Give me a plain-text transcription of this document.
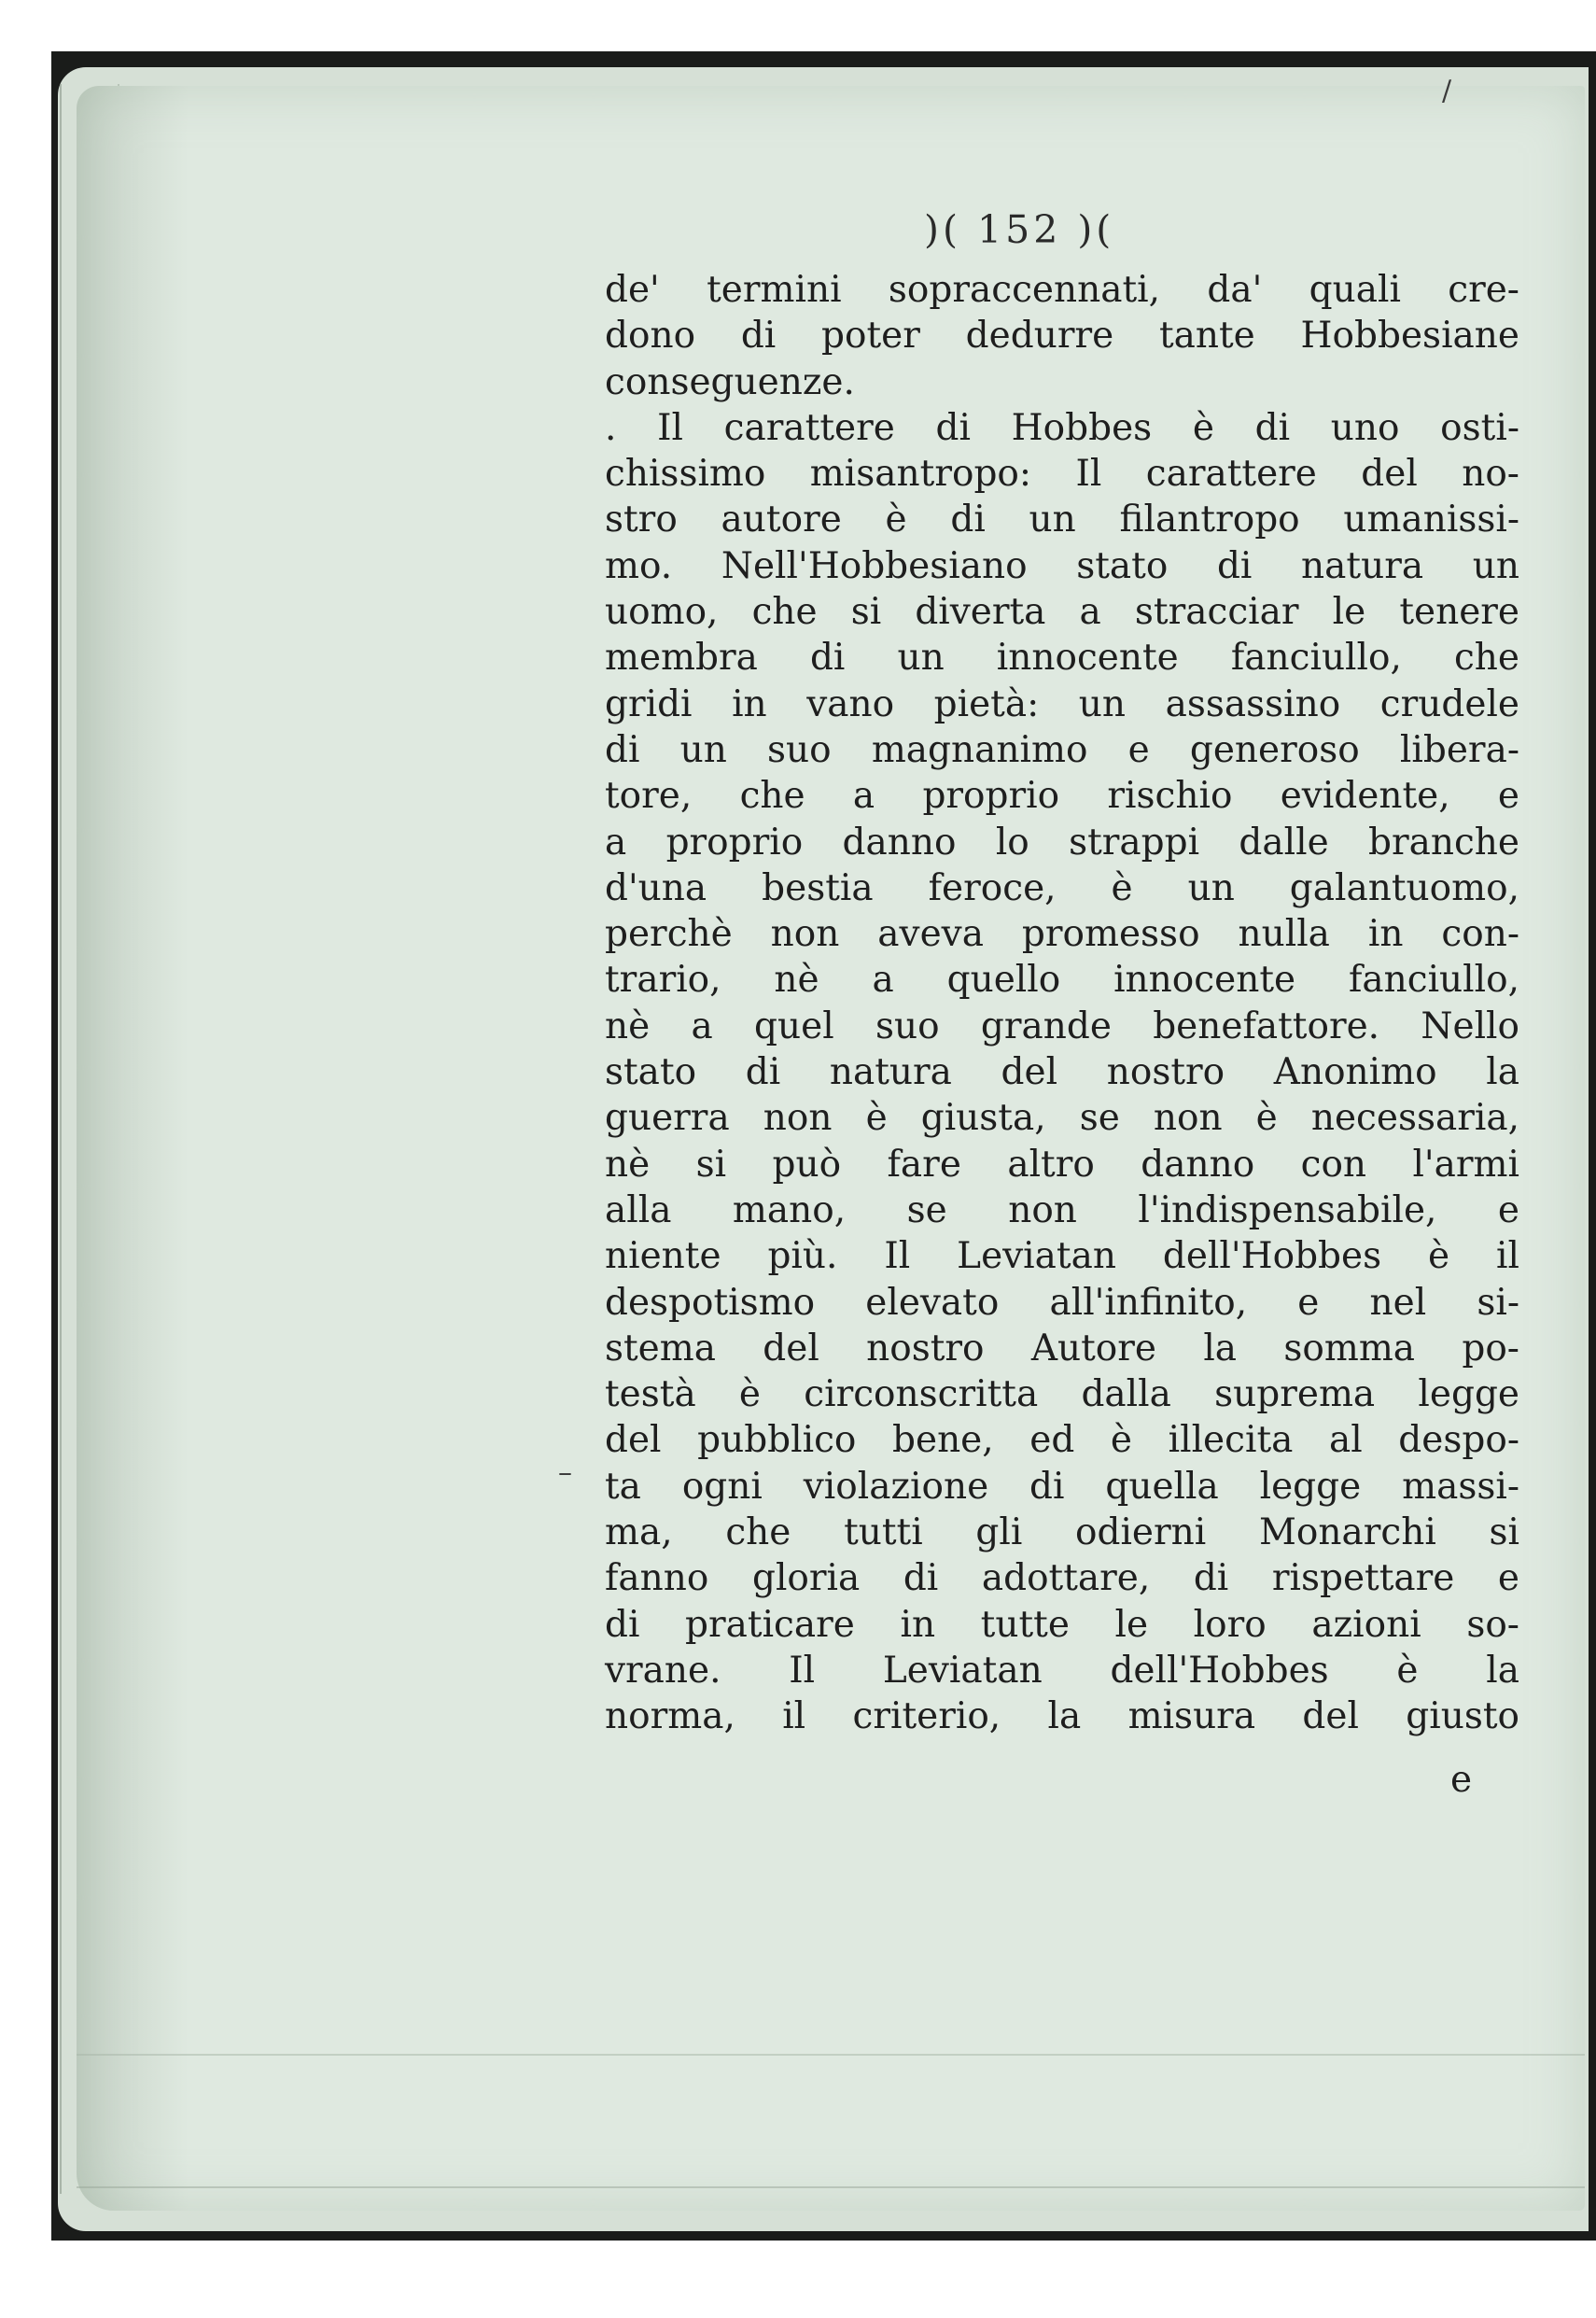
/
–
)( 152 )(
de' termini sopraccennati, da' quali cre-
dono di poter dedurre tante Hobbesiane
conseguenze.
. Il carattere di Hobbes è di uno osti-
chissimo misantropo: Il carattere del no-
stro autore è di un filantropo umanissi-
mo. Nell'Hobbesiano stato di natura un
uomo, che si diverta a stracciar le tenere
membra di un innocente fanciullo, che
gridi in vano pietà: un assassino crudele
di un suo magnanimo e generoso libera-
tore, che a proprio rischio evidente, e
a proprio danno lo strappi dalle branche
d'una bestia feroce, è un galantuomo,
perchè non aveva promesso nulla in con-
trario, nè a quello innocente fanciullo,
nè a quel suo grande benefattore. Nello
stato di natura del nostro Anonimo la
guerra non è giusta, se non è necessaria,
nè si può fare altro danno con l'armi
alla mano, se non l'indispensabile, e
niente più. Il Leviatan dell'Hobbes è il
despotismo elevato all'infinito, e nel si-
stema del nostro Autore la somma po-
testà è circonscritta dalla suprema legge
del pubblico bene, ed è illecita al despo-
ta ogni violazione di quella legge massi-
ma, che tutti gli odierni Monarchi si
fanno gloria di adottare, di rispettare e
di praticare in tutte le loro azioni so-
vrane. Il Leviatan dell'Hobbes è la
norma, il criterio, la misura del giusto
e
